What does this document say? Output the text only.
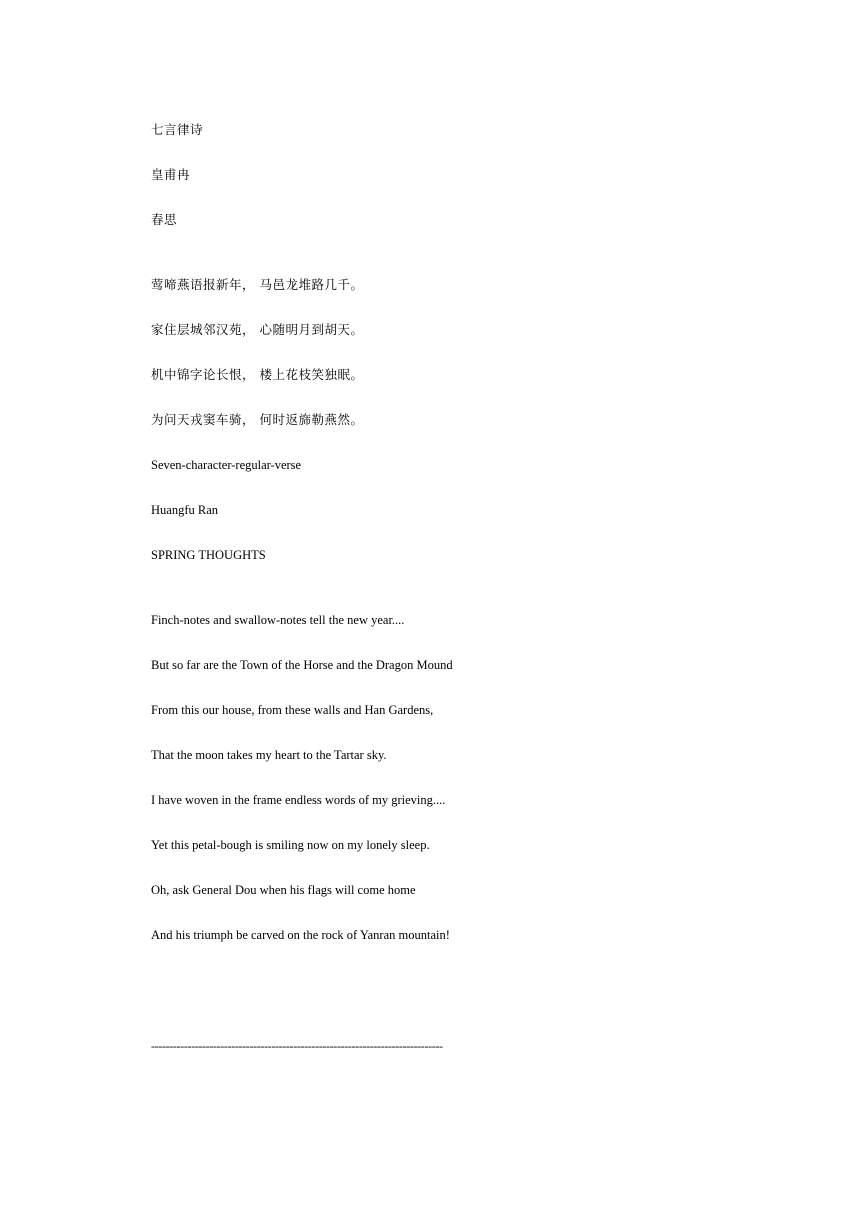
七言律诗
皇甫冉
春思
莺啼燕语报新年， 马邑龙堆路几千。
家住层城邻汉苑， 心随明月到胡天。
机中锦字论长恨， 楼上花枝笑独眠。
为问天戎窦车骑， 何时返旆勒燕然。
Seven-character-regular-verse
Huangfu Ran
SPRING THOUGHTS
Finch-notes and swallow-notes tell the new year....
But so far are the Town of the Horse and the Dragon Mound
From this our house, from these walls and Han Gardens,
That the moon takes my heart to the Tartar sky.
I have woven in the frame endless words of my grieving....
Yet this petal-bough is smiling now on my lonely sleep.
Oh, ask General Dou when his flags will come home
And his triumph be carved on the rock of Yanran mountain!
--------------------------------------------------------------------------------
